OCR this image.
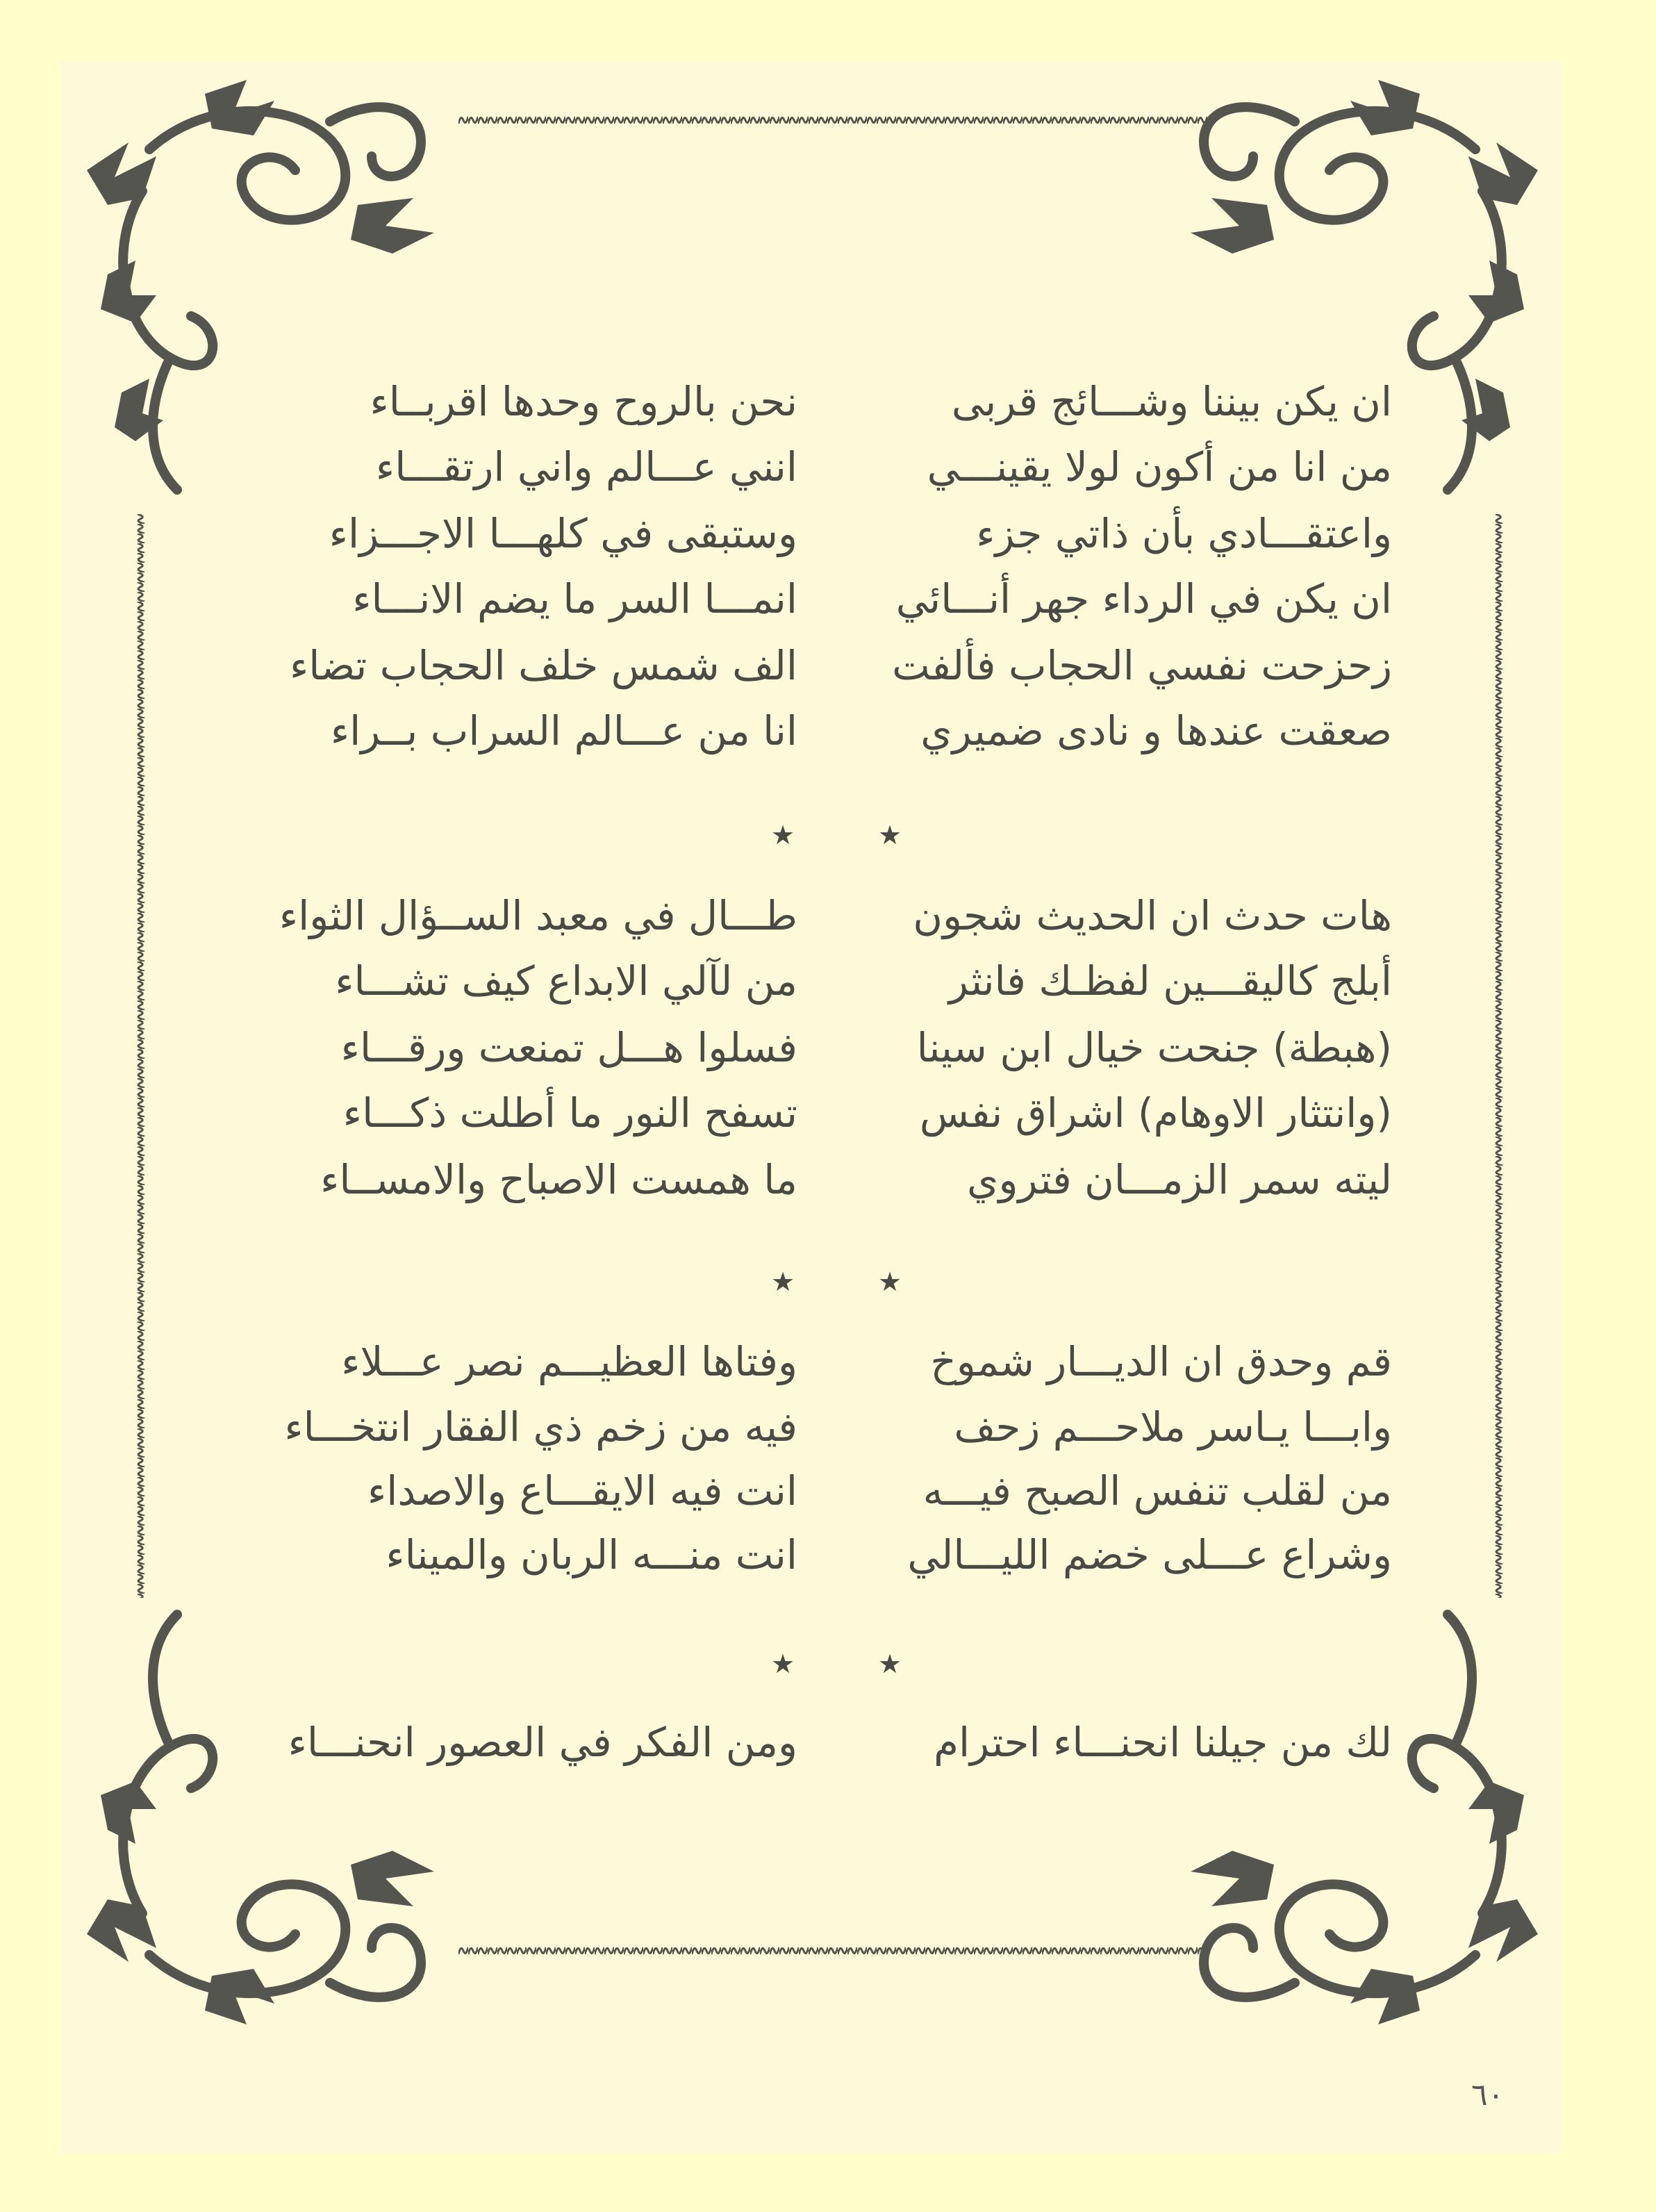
ان يكن بيننا وشـــائج قربى
نحن بالروح وحدها اقربــاء
من انا من أكون لولا يقينـــي
انني عـــالم واني ارتقـــاء
واعتقـــادي بأن ذاتي جزء
وستبقى في كلهـــا الاجـــزاء
ان يكن في الرداء جهر أنـــائي
انمـــا السر ما يضم الانـــاء
زحزحت نفسي الحجاب فألفت
الف شمس خلف الحجاب تضاء
صعقت عندها و نادى ضميري
انا من عـــالم السراب بــراء
★
★
هات حدث ان الحديث شجون
طـــال في معبد الســؤال الثواء
أبلج كاليقـــين لفظـك فانثر
من لآلي الابداع كيف تشـــاء
(هبطة) جنحت خيال ابن سينا
فسلوا هـــل تمنعت ورقـــاء
(وانتثار الاوهام) اشراق نفس
تسفح النور ما أطلت ذكـــاء
ليته سمر الزمـــان فتروي
ما همست الاصباح والامســاء
★
★
قم وحدق ان الديـــار شموخ
وفتاها العظيـــم نصر عـــلاء
وابـــا يـاسر ملاحـــم زحف
فيه من زخم ذي الفقار انتخـــاء
من لقلب تنفس الصبح فيـــه
انت فيه الايقـــاع والاصداء
وشراع عـــلى خضم الليـــالي
انت منـــه الربان والميناء
★
★
لك من جيلنا انحنـــاء احترام
ومن الفكر في العصور انحنـــاء
٦٠
